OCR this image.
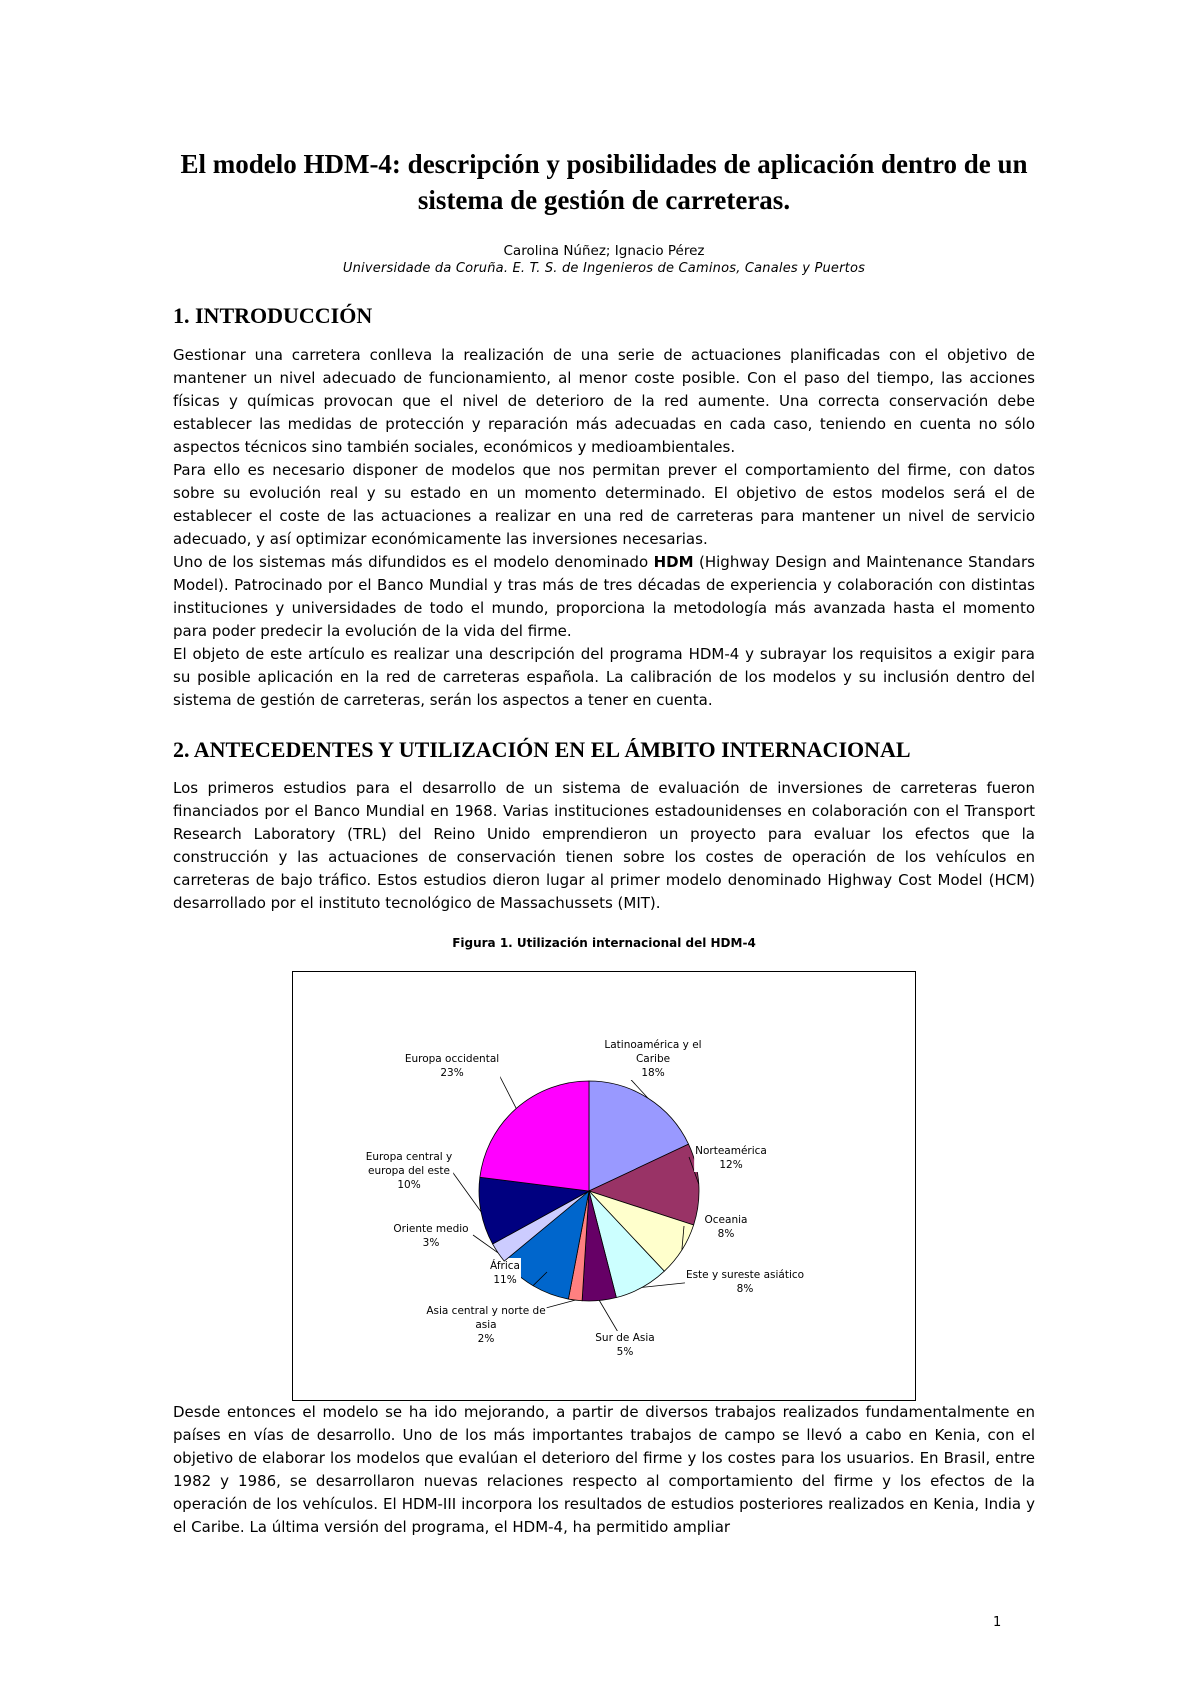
El modelo HDM-4: descripción y posibilidades de aplicación dentro de un sistema de gestión de carreteras.
Carolina Núñez; Ignacio Pérez
Universidade da Coruña. E. T. S. de Ingenieros de Caminos, Canales y Puertos
1. INTRODUCCIÓN

Gestionar una carretera conlleva la realización de una serie de actuaciones planificadas con el objetivo de mantener un nivel adecuado de funcionamiento, al menor coste posible. Con el paso del tiempo, las acciones físicas y químicas provocan que el nivel de deterioro de la red aumente. Una correcta conservación debe establecer las medidas de protección y reparación más adecuadas en cada caso, teniendo en cuenta no sólo aspectos técnicos sino también sociales, económicos y medioambientales.

Para ello es necesario disponer de modelos que nos permitan prever el comportamiento del firme, con datos sobre su evolución real y su estado en un momento determinado. El objetivo de estos modelos será el de establecer el coste de las actuaciones a realizar en una red de carreteras para mantener un nivel de servicio adecuado, y así optimizar económicamente las inversiones necesarias.

Uno de los sistemas más difundidos es el modelo denominado HDM (Highway Design and Maintenance Standars Model). Patrocinado por el Banco Mundial y tras más de tres décadas de experiencia y colaboración con distintas instituciones y universidades de todo el mundo, proporciona la metodología más avanzada hasta el momento para poder predecir la evolución de la vida del firme.

El objeto de este artículo es realizar una descripción del programa HDM-4 y subrayar los requisitos a exigir para su posible aplicación en la red de carreteras española. La calibración de los modelos y su inclusión dentro del sistema de gestión de carreteras, serán los aspectos a tener en cuenta.

2. ANTECEDENTES Y UTILIZACIÓN EN EL ÁMBITO INTERNACIONAL

Los primeros estudios para el desarrollo de un sistema de evaluación de inversiones de carreteras fueron financiados por el Banco Mundial en 1968. Varias instituciones estadounidenses en colaboración con el Transport Research Laboratory (TRL) del Reino Unido emprendieron un proyecto para evaluar los efectos que la construcción y las actuaciones de conservación tienen sobre los costes de operación de los vehículos en carreteras de bajo tráfico. Estos estudios dieron lugar al primer modelo denominado Highway Cost Model (HCM) desarrollado por el instituto tecnológico de Massachussets (MIT).

Figura 1. Utilización internacional del HDM-4
Latinoamérica y el Caribe 18%
Norteamérica 12%
Oceania 8%
Este y sureste asiático 8%
Sur de Asia 5%
Asia central y norte de asia 2%
África 11%
Oriente medio 3%
Europa central y europa del este 10%
Europa occidental 23%

Desde entonces el modelo se ha ido mejorando, a partir de diversos trabajos realizados fundamentalmente en países en vías de desarrollo. Uno de los más importantes trabajos de campo se llevó a cabo en Kenia, con el objetivo de elaborar los modelos que evalúan el deterioro del firme y los costes para los usuarios. En Brasil, entre 1982 y 1986, se desarrollaron nuevas relaciones respecto al comportamiento del firme y los efectos de la operación de los vehículos. El HDM-III incorpora los resultados de estudios posteriores realizados en Kenia, India y el Caribe. La última versión del programa, el HDM-4, ha permitido ampliar

1
